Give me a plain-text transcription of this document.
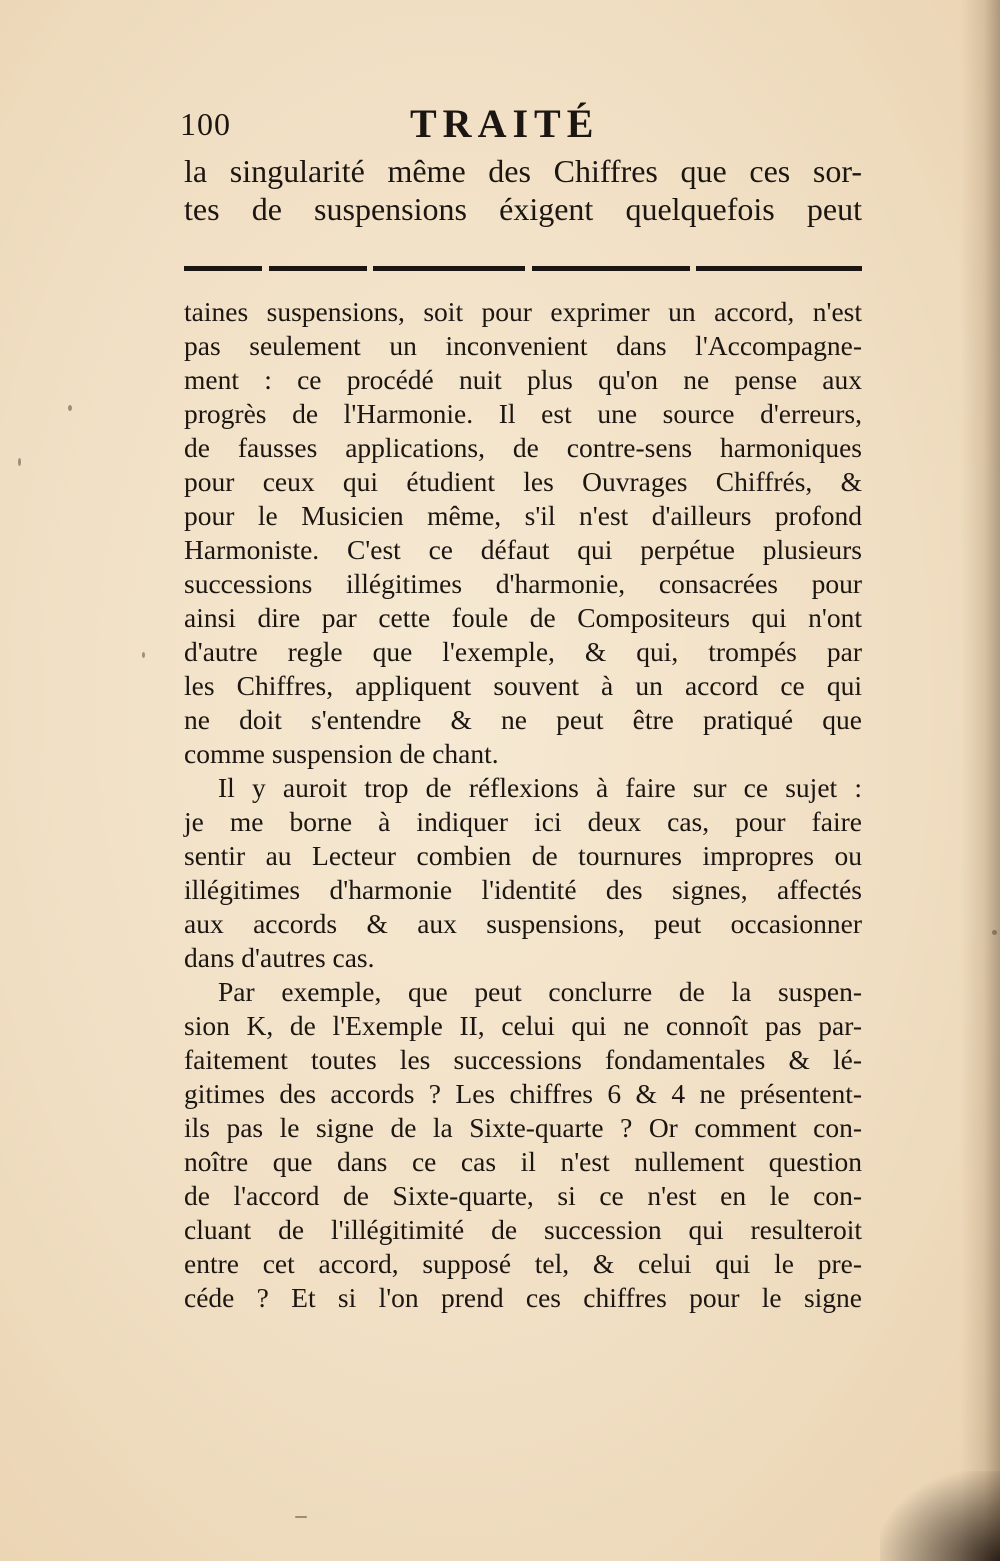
100	TRAITÉ
la singularité même des Chiffres que ces sor-
tes de suspensions éxigent quelquefois peut
taines suspensions, soit pour exprimer un accord, n'est
pas seulement un inconvenient dans l'Accompagne-
ment : ce procédé nuit plus qu'on ne pense aux
progrès de l'Harmonie. Il est une source d'erreurs,
de fausses applications, de contre-sens harmoniques
pour ceux qui étudient les Ouvrages Chiffrés, &
pour le Musicien même, s'il n'est d'ailleurs profond
Harmoniste. C'est ce défaut qui perpétue plusieurs
successions illégitimes d'harmonie, consacrées pour
ainsi dire par cette foule de Compositeurs qui n'ont
d'autre regle que l'exemple, & qui, trompés par
les Chiffres, appliquent souvent à un accord ce qui
ne doit s'entendre & ne peut être pratiqué que
comme suspension de chant.
Il y auroit trop de réflexions à faire sur ce sujet :
je me borne à indiquer ici deux cas, pour faire
sentir au Lecteur combien de tournures impropres ou
illégitimes d'harmonie l'identité des signes, affectés
aux accords & aux suspensions, peut occasionner
dans d'autres cas.
Par exemple, que peut conclurre de la suspen-
sion K, de l'Exemple II, celui qui ne connoît pas par-
faitement toutes les successions fondamentales & lé-
gitimes des accords ? Les chiffres 6 & 4 ne présentent-
ils pas le signe de la Sixte-quarte ? Or comment con-
noître que dans ce cas il n'est nullement question
de l'accord de Sixte-quarte, si ce n'est en le con-
cluant de l'illégitimité de succession qui resulteroit
entre cet accord, supposé tel, & celui qui le pre-
céde ? Et si l'on prend ces chiffres pour le signe
